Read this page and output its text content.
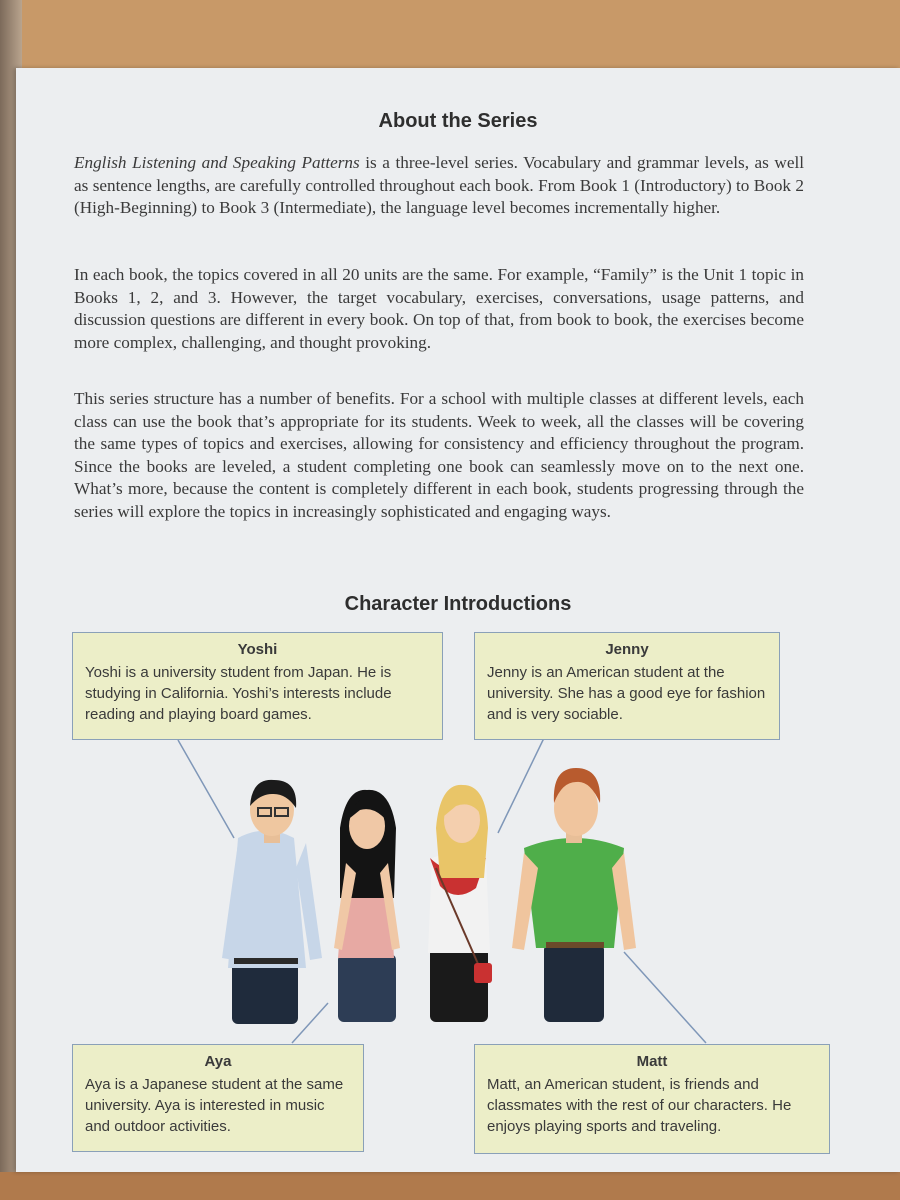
About the Series

English Listening and Speaking Patterns is a three-level series. Vocabulary and grammar levels, as well as sentence lengths, are carefully controlled throughout each book. From Book 1 (Introductory) to Book 2 (High-Beginning) to Book 3 (Intermediate), the language level becomes incrementally higher.

In each book, the topics covered in all 20 units are the same. For example, “Family” is the Unit 1 topic in Books 1, 2, and 3. However, the target vocabulary, exercises, conversations, usage patterns, and discussion questions are different in every book. On top of that, from book to book, the exercises become more complex, challenging, and thought provoking.

This series structure has a number of benefits. For a school with multiple classes at different levels, each class can use the book that’s appropriate for its students. Week to week, all the classes will be covering the same types of topics and exercises, allowing for consistency and efficiency throughout the program. Since the books are leveled, a student completing one book can seamlessly move on to the next one. What’s more, because the content is completely different in each book, students progressing through the series will explore the topics in increasingly sophisticated and engaging ways.

Character Introductions
Yoshi
Yoshi is a university student from Japan. He is studying in California. Yoshi’s interests include reading and playing board games.
Jenny
Jenny is an American student at the university. She has a good eye for fashion and is very sociable.
Aya
Aya is a Japanese student at the same university. Aya is interested in music and outdoor activities.
Matt
Matt, an American student, is friends and classmates with the rest of our characters. He enjoys playing sports and traveling.
